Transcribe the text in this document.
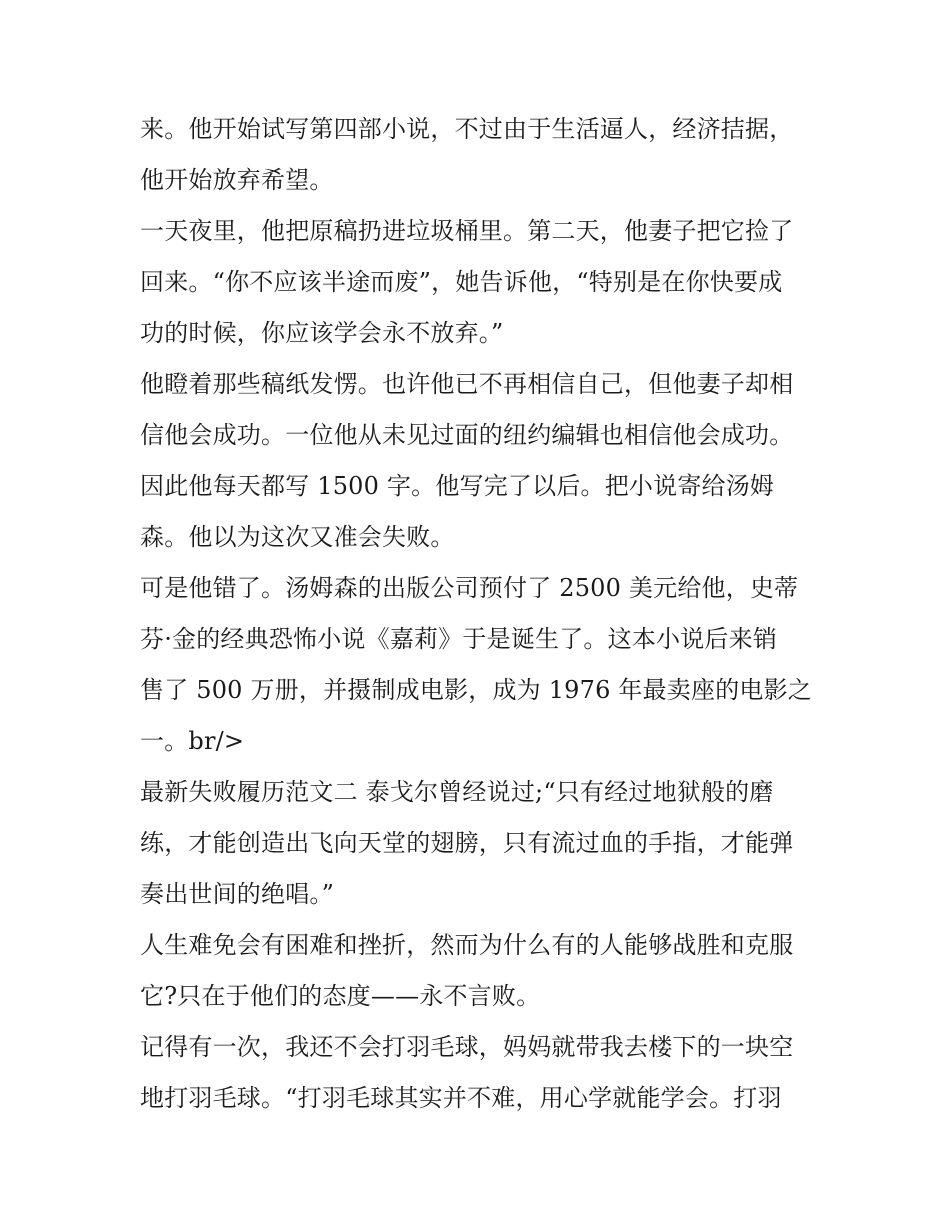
来。他开始试写第四部小说，不过由于生活逼人，经济拮据，
他开始放弃希望。
一天夜里，他把原稿扔进垃圾桶里。第二天，他妻子把它捡了
回来。“你不应该半途而废”，她告诉他，“特别是在你快要成
功的时候，你应该学会永不放弃。”
他瞪着那些稿纸发愣。也许他已不再相信自己，但他妻子却相
信他会成功。一位他从未见过面的纽约编辑也相信他会成功。
因此他每天都写 1500 字。他写完了以后。把小说寄给汤姆
森。他以为这次又准会失败。
可是他错了。汤姆森的出版公司预付了 2500 美元给他，史蒂
芬·金的经典恐怖小说《嘉莉》于是诞生了。这本小说后来销
售了 500 万册，并摄制成电影，成为 1976 年最卖座的电影之
一。br/>
最新失败履历范文二 泰戈尔曾经说过;“只有经过地狱般的磨
练，才能创造出飞向天堂的翅膀，只有流过血的手指，才能弹
奏出世间的绝唱。”
人生难免会有困难和挫折，然而为什么有的人能够战胜和克服
它?只在于他们的态度——永不言败。
记得有一次，我还不会打羽毛球，妈妈就带我去楼下的一块空
地打羽毛球。“打羽毛球其实并不难，用心学就能学会。打羽
